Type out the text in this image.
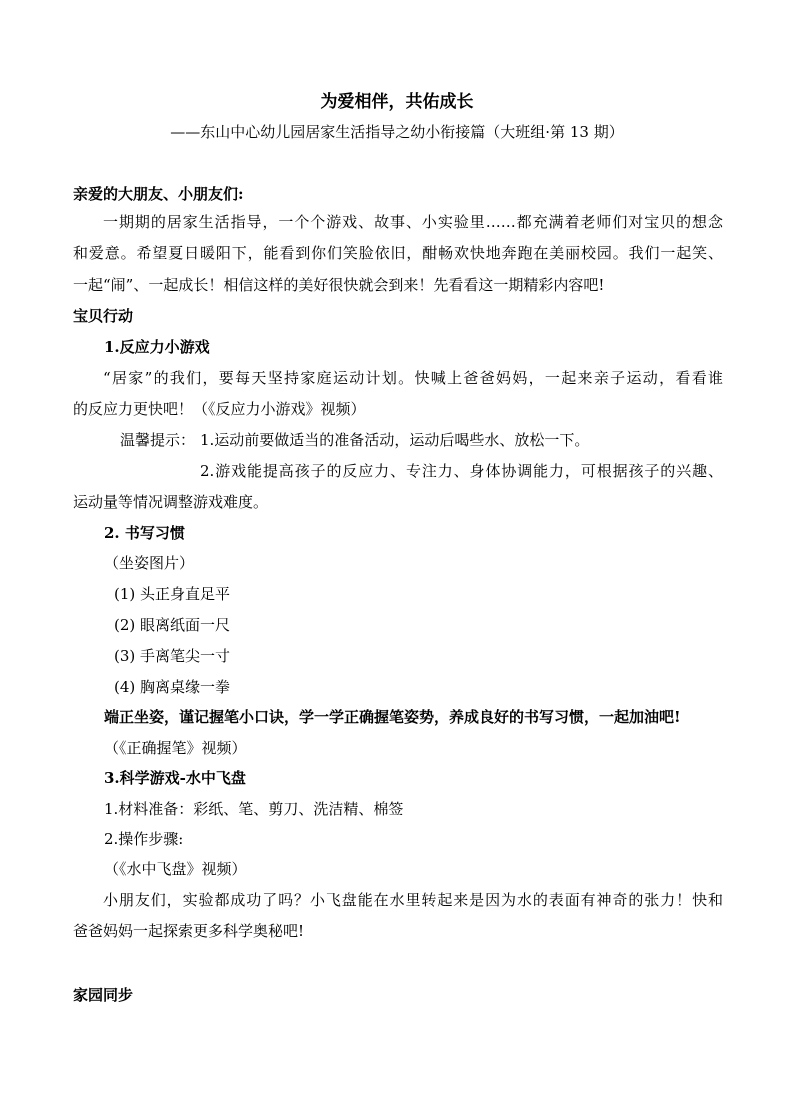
为爱相伴，共佑成长
——东山中心幼儿园居家生活指导之幼小衔接篇（大班组·第 13 期）
亲爱的大朋友、小朋友们:
一期期的居家生活指导，一个个游戏、故事、小实验里……都充满着老师们对宝贝的想念
和爱意。希望夏日暖阳下，能看到你们笑脸依旧，酣畅欢快地奔跑在美丽校园。我们一起笑、
一起“闹”、一起成长！相信这样的美好很快就会到来！先看看这一期精彩内容吧!
宝贝行动
1.反应力小游戏
“居家”的我们，要每天坚持家庭运动计划。快喊上爸爸妈妈，一起来亲子运动，看看谁
的反应力更快吧！（《反应力小游戏》视频）
温馨提示： 1.运动前要做适当的准备活动，运动后喝些水、放松一下。
2.游戏能提高孩子的反应力、专注力、身体协调能力，可根据孩子的兴趣、
运动量等情况调整游戏难度。
2. 书写习惯
（坐姿图片）
(1) 头正身直足平
(2) 眼离纸面一尺
(3) 手离笔尖一寸
(4) 胸离桌缘一拳
端正坐姿，谨记握笔小口诀，学一学正确握笔姿势，养成良好的书写习惯，一起加油吧!
（《正确握笔》视频）
3.科学游戏-水中飞盘
1.材料准备：彩纸、笔、剪刀、洗洁精、棉签
2.操作步骤:
（《水中飞盘》视频）
小朋友们，实验都成功了吗？小飞盘能在水里转起来是因为水的表面有神奇的张力！快和
爸爸妈妈一起探索更多科学奥秘吧!
家园同步
